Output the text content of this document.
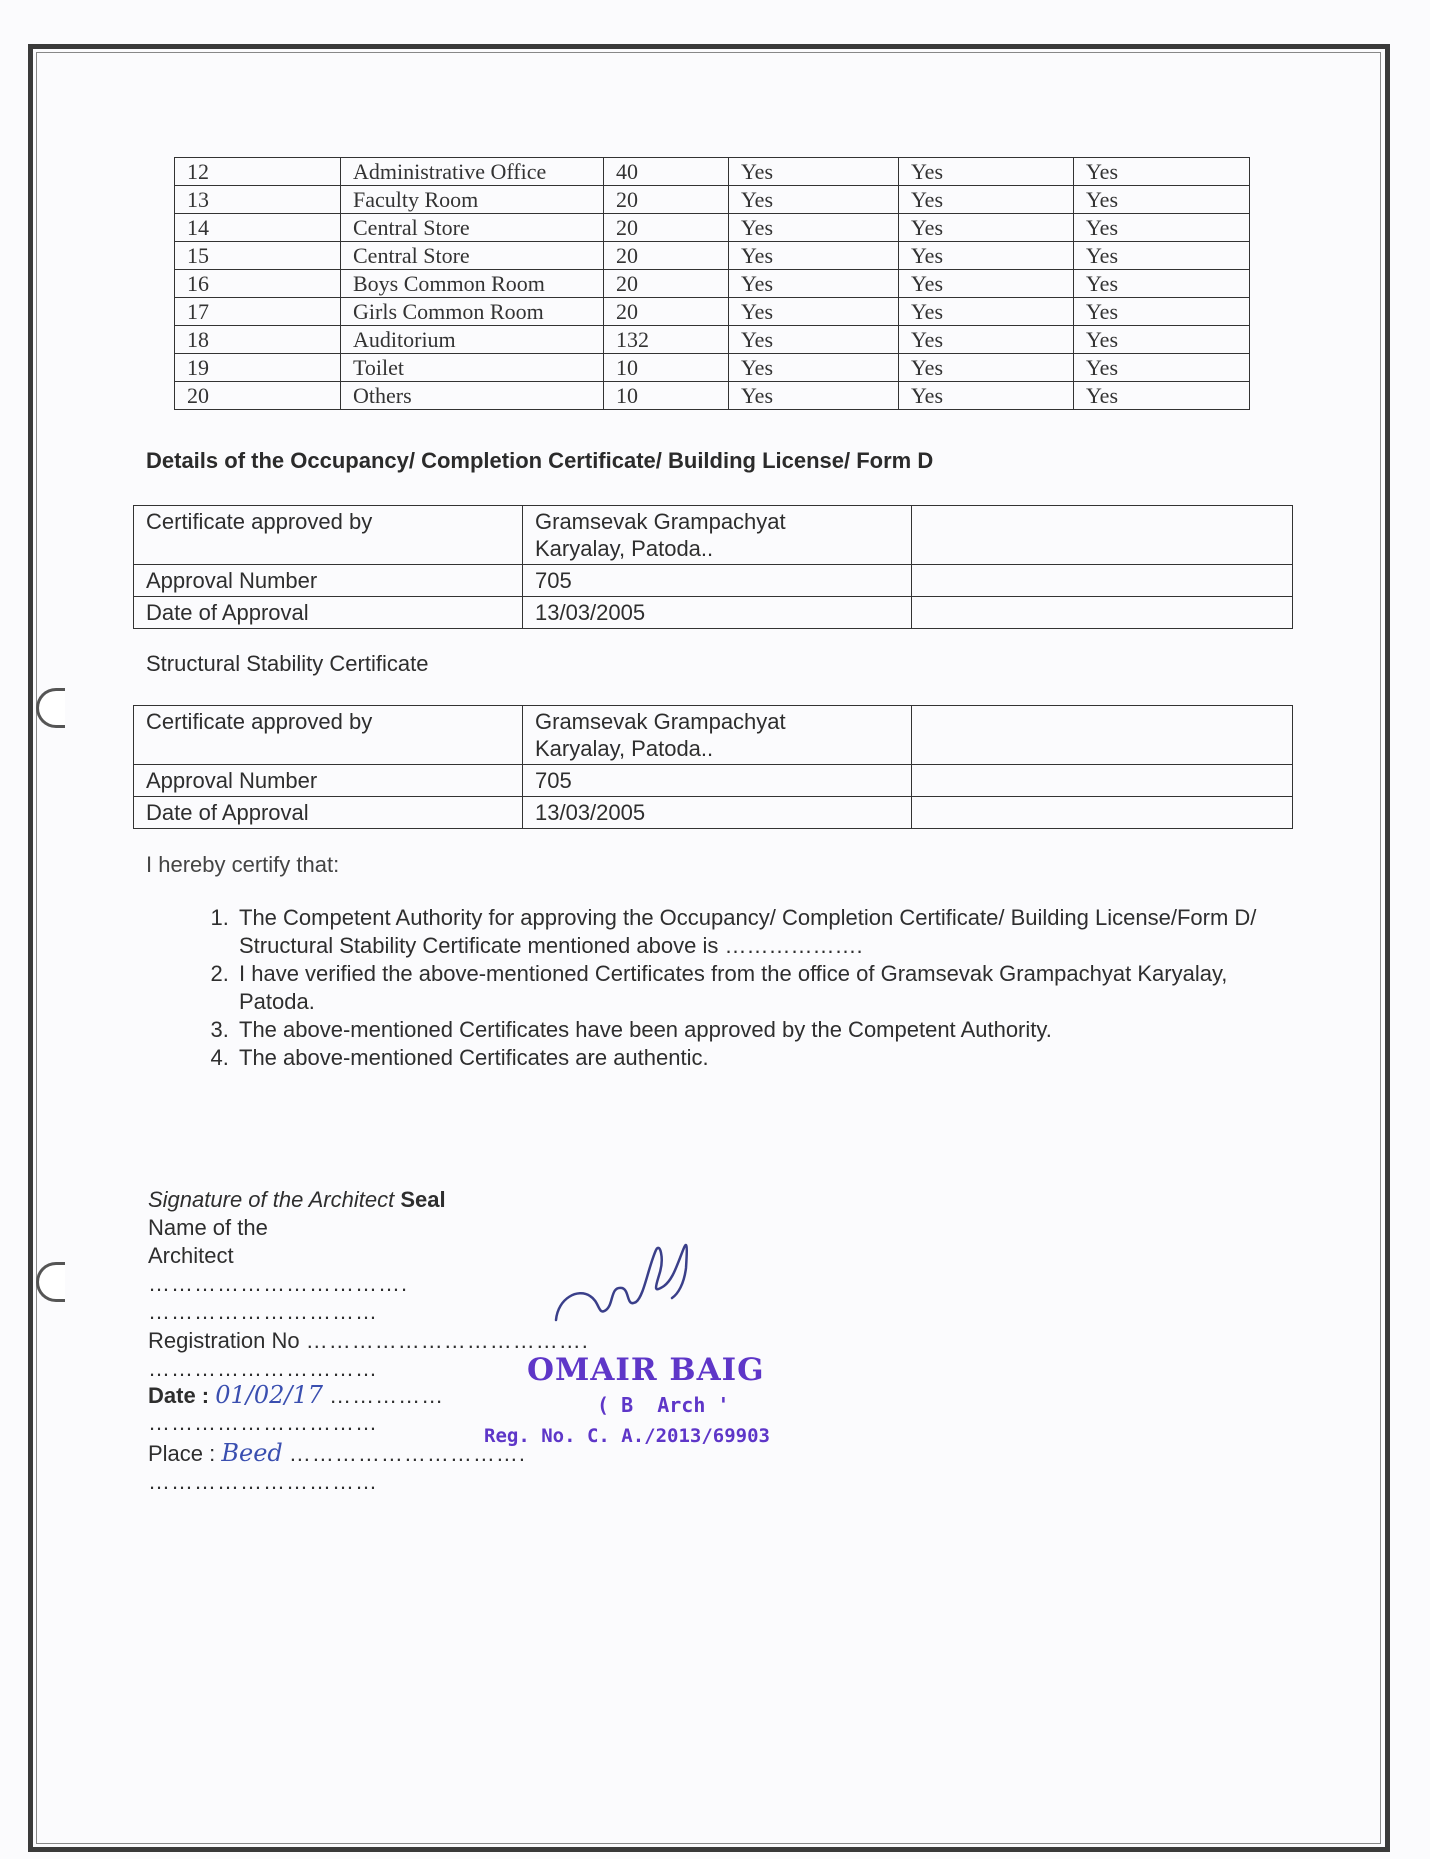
12	Administrative Office	40	Yes	Yes	Yes
13	Faculty Room	20	Yes	Yes	Yes
14	Central Store	20	Yes	Yes	Yes
15	Central Store	20	Yes	Yes	Yes
16	Boys Common Room	20	Yes	Yes	Yes
17	Girls Common Room	20	Yes	Yes	Yes
18	Auditorium	132	Yes	Yes	Yes
19	Toilet	10	Yes	Yes	Yes
20	Others	10	Yes	Yes	Yes
Details of the Occupancy/ Completion Certificate/ Building License/ Form D
Certificate approved by	Gramsevak Grampachyat
Karyalay, Patoda..	

Approval Number	705	
Date of Approval	13/03/2005	
Structural Stability Certificate
Certificate approved by	Gramsevak Grampachyat
Karyalay, Patoda..	

Approval Number	705	
Date of Approval	13/03/2005	
I hereby certify that:
1. The Competent Authority for approving the Occupancy/ Completion Certificate/ Building License/Form D/ Structural Stability Certificate mentioned above is ……………….
2. I have verified the above-mentioned Certificates from the office of Gramsevak Grampachyat Karyalay, Patoda.
3. The above-mentioned Certificates have been approved by the Competent Authority.
4. The above-mentioned Certificates are authentic.
Signature of the Architect Seal
Name of the
Architect
…………………………….
…………………………
Registration No ……………………………….
…………………………
Date : 01/02/17 ……………
…………………………
Place : Beed ………………………….
…………………………
OMAIR BAIG
( B  Arch '
Reg. No. C. A./2013/69903
